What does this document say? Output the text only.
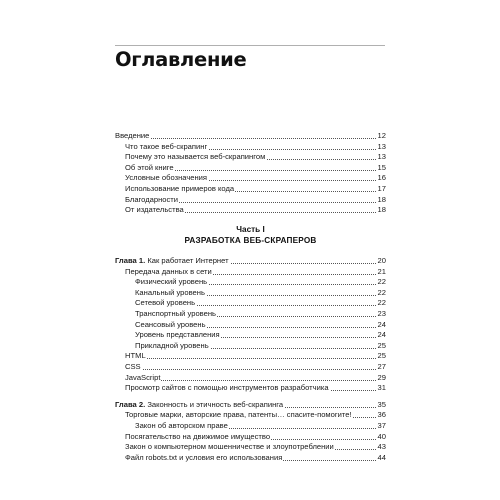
Оглавление
Введение	12
Что такое веб-скрапинг	13
Почему это называется веб-скрапингом	13
Об этой книге	15
Условные обозначения	16
Использование примеров кода	17
Благодарности	18
От издательства	18
Часть I
РАЗРАБОТКА ВЕБ-СКРАПЕРОВ
Глава 1. Как работает Интернет	20
Передача данных в сети	21
Физический уровень	22
Канальный уровень	22
Сетевой уровень	22
Транспортный уровень	23
Сеансовый уровень	24
Уровень представления	24
Прикладной уровень	25
HTML	25
CSS	27
JavaScript	29
Просмотр сайтов с помощью инструментов разработчика	31
Глава 2. Законность и этичность веб-скрапинга	35
Торговые марки, авторские права, патенты… спасите-помогите!	36
Закон об авторском праве	37
Посягательство на движимое имущество	40
Закон о компьютерном мошенничестве и злоупотреблении	43
Файл robots.txt и условия его использования	44
